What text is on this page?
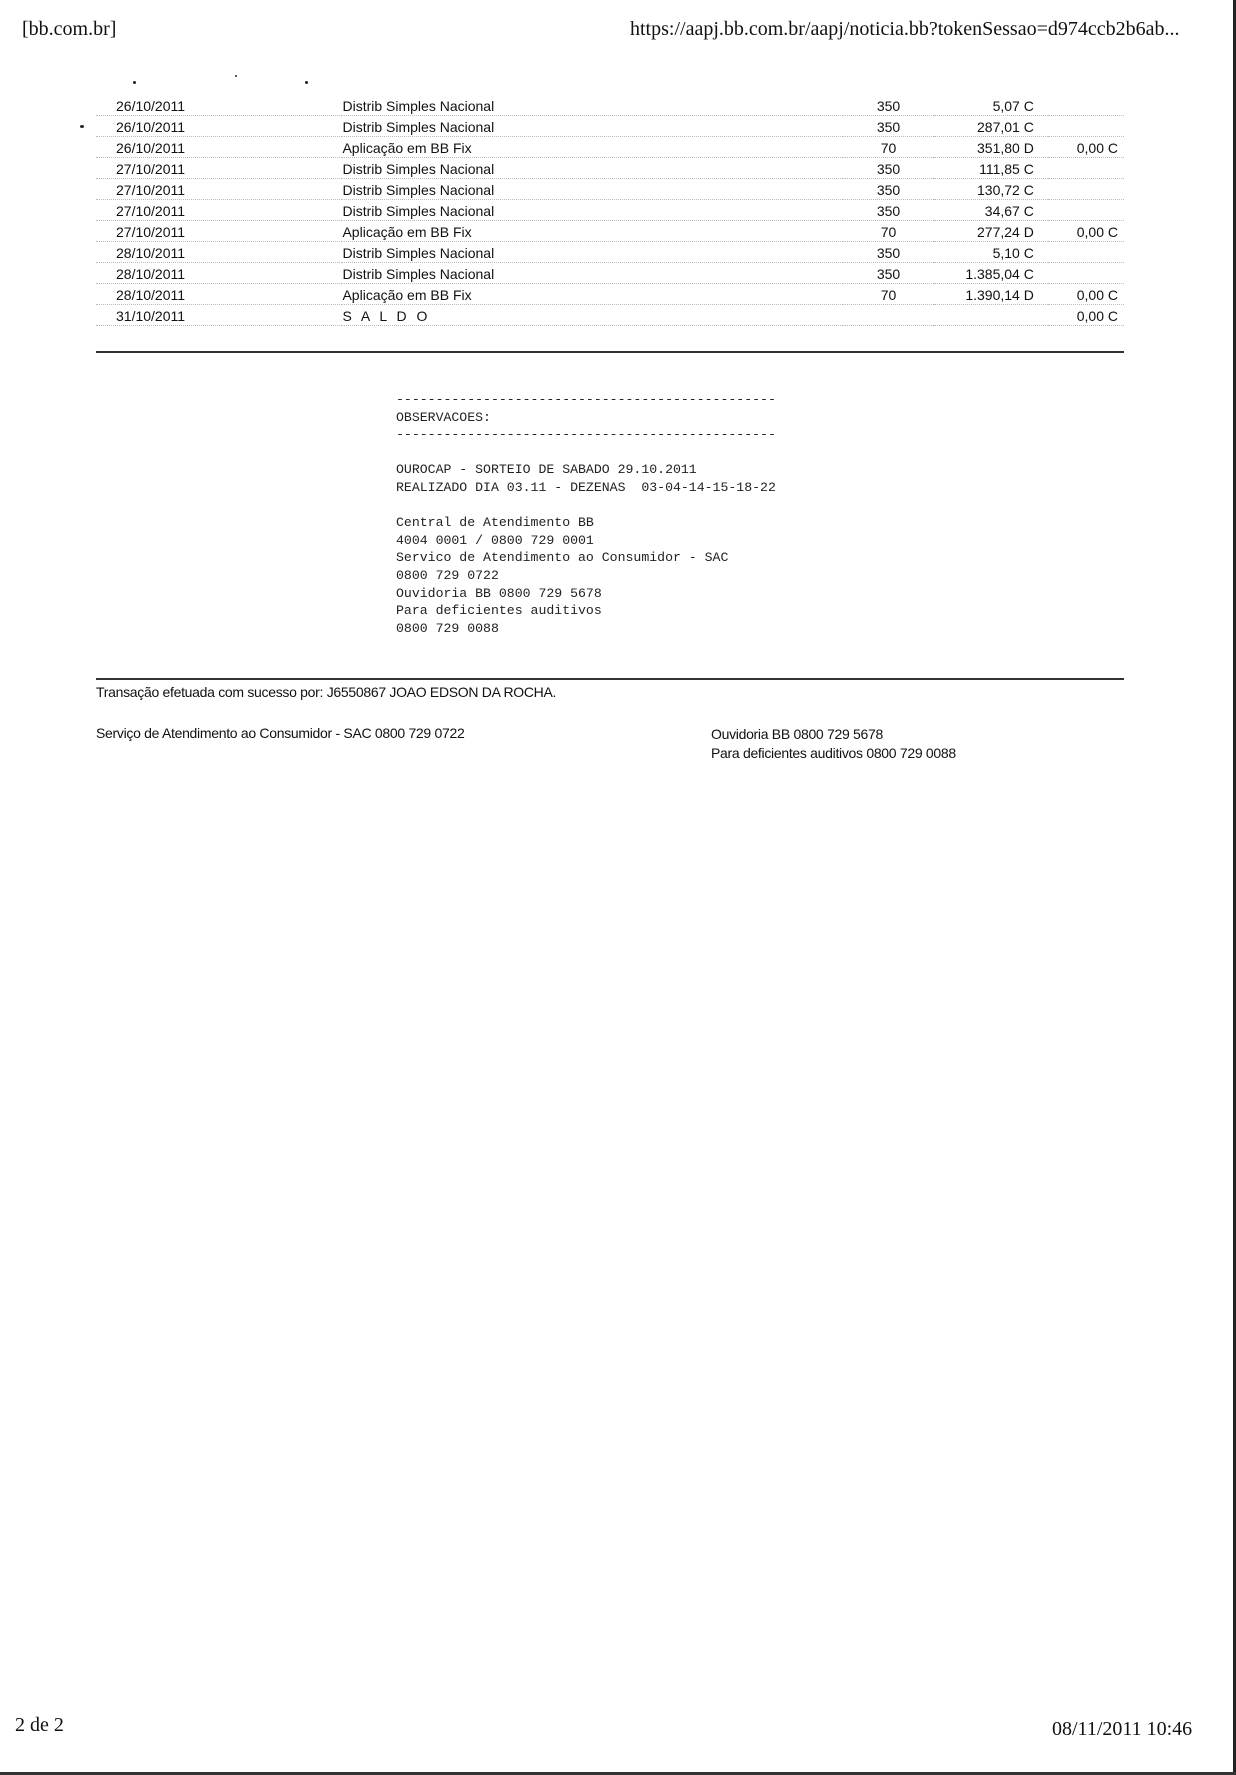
[bb.com.br]	https://aapj.bb.com.br/aapj/noticia.bb?tokenSessao=d974ccb2b6ab...
26/10/2011	Distrib Simples Nacional	350	5,07 C	
26/10/2011	Distrib Simples Nacional	350	287,01 C	
26/10/2011	Aplicação em BB Fix	70	351,80 D	0,00 C
27/10/2011	Distrib Simples Nacional	350	111,85 C	
27/10/2011	Distrib Simples Nacional	350	130,72 C	
27/10/2011	Distrib Simples Nacional	350	34,67 C	
27/10/2011	Aplicação em BB Fix	70	277,24 D	0,00 C
28/10/2011	Distrib Simples Nacional	350	5,10 C	
28/10/2011	Distrib Simples Nacional	350	1.385,04 C	
28/10/2011	Aplicação em BB Fix	70	1.390,14 D	0,00 C
31/10/2011	S A L D O			0,00 C
------------------------------------------------
OBSERVACOES:
------------------------------------------------
OUROCAP - SORTEIO DE SABADO 29.10.2011
REALIZADO DIA 03.11 - DEZENAS  03-04-14-15-18-22
Central de Atendimento BB
4004 0001 / 0800 729 0001
Servico de Atendimento ao Consumidor - SAC
0800 729 0722
Ouvidoria BB 0800 729 5678
Para deficientes auditivos
0800 729 0088
Transação efetuada com sucesso por: J6550867 JOAO EDSON DA ROCHA.
Serviço de Atendimento ao Consumidor - SAC 0800 729 0722	Ouvidoria BB 0800 729 5678
Para deficientes auditivos 0800 729 0088
2 de 2	08/11/2011 10:46
